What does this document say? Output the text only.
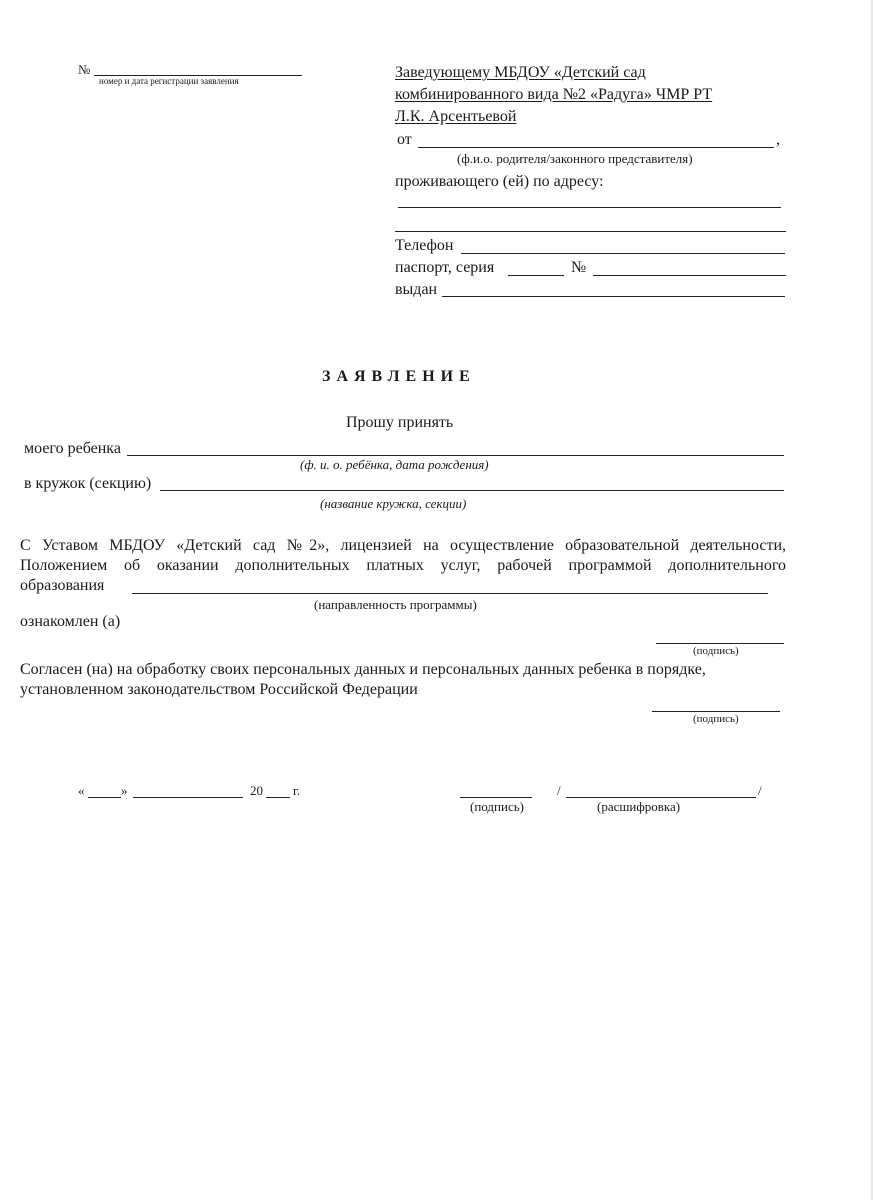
№
номер и дата регистрации заявления	Заведующему МБДОУ «Детский сад
комбинированного вида №2 «Радуга» ЧМР РТ
Л.К. Арсентьевой
от	,
(ф.и.о. родителя/законного представителя)
проживающего (ей) по адресу:
Телефон
паспорт, серия	№
выдан
ЗАЯВЛЕНИЕ
Прошу принять
моего ребенка
(ф. и. о. ребёнка, дата рождения)
в кружок (секцию)
(название кружка, секции)
С Уставом МБДОУ «Детский сад №2», лицензией на осуществление образовательной деятельности,
Положением об оказании дополнительных платных услуг, рабочей программой дополнительного
образования
(направленность программы)
ознакомлен (а)
(подпись)
Согласен (на) на обработку своих персональных данных и персональных данных ребенка в порядке,
установленном законодательством Российской Федерации
(подпись)
«	»	20 г.
(подпись)
/	/
(расшифровка)
